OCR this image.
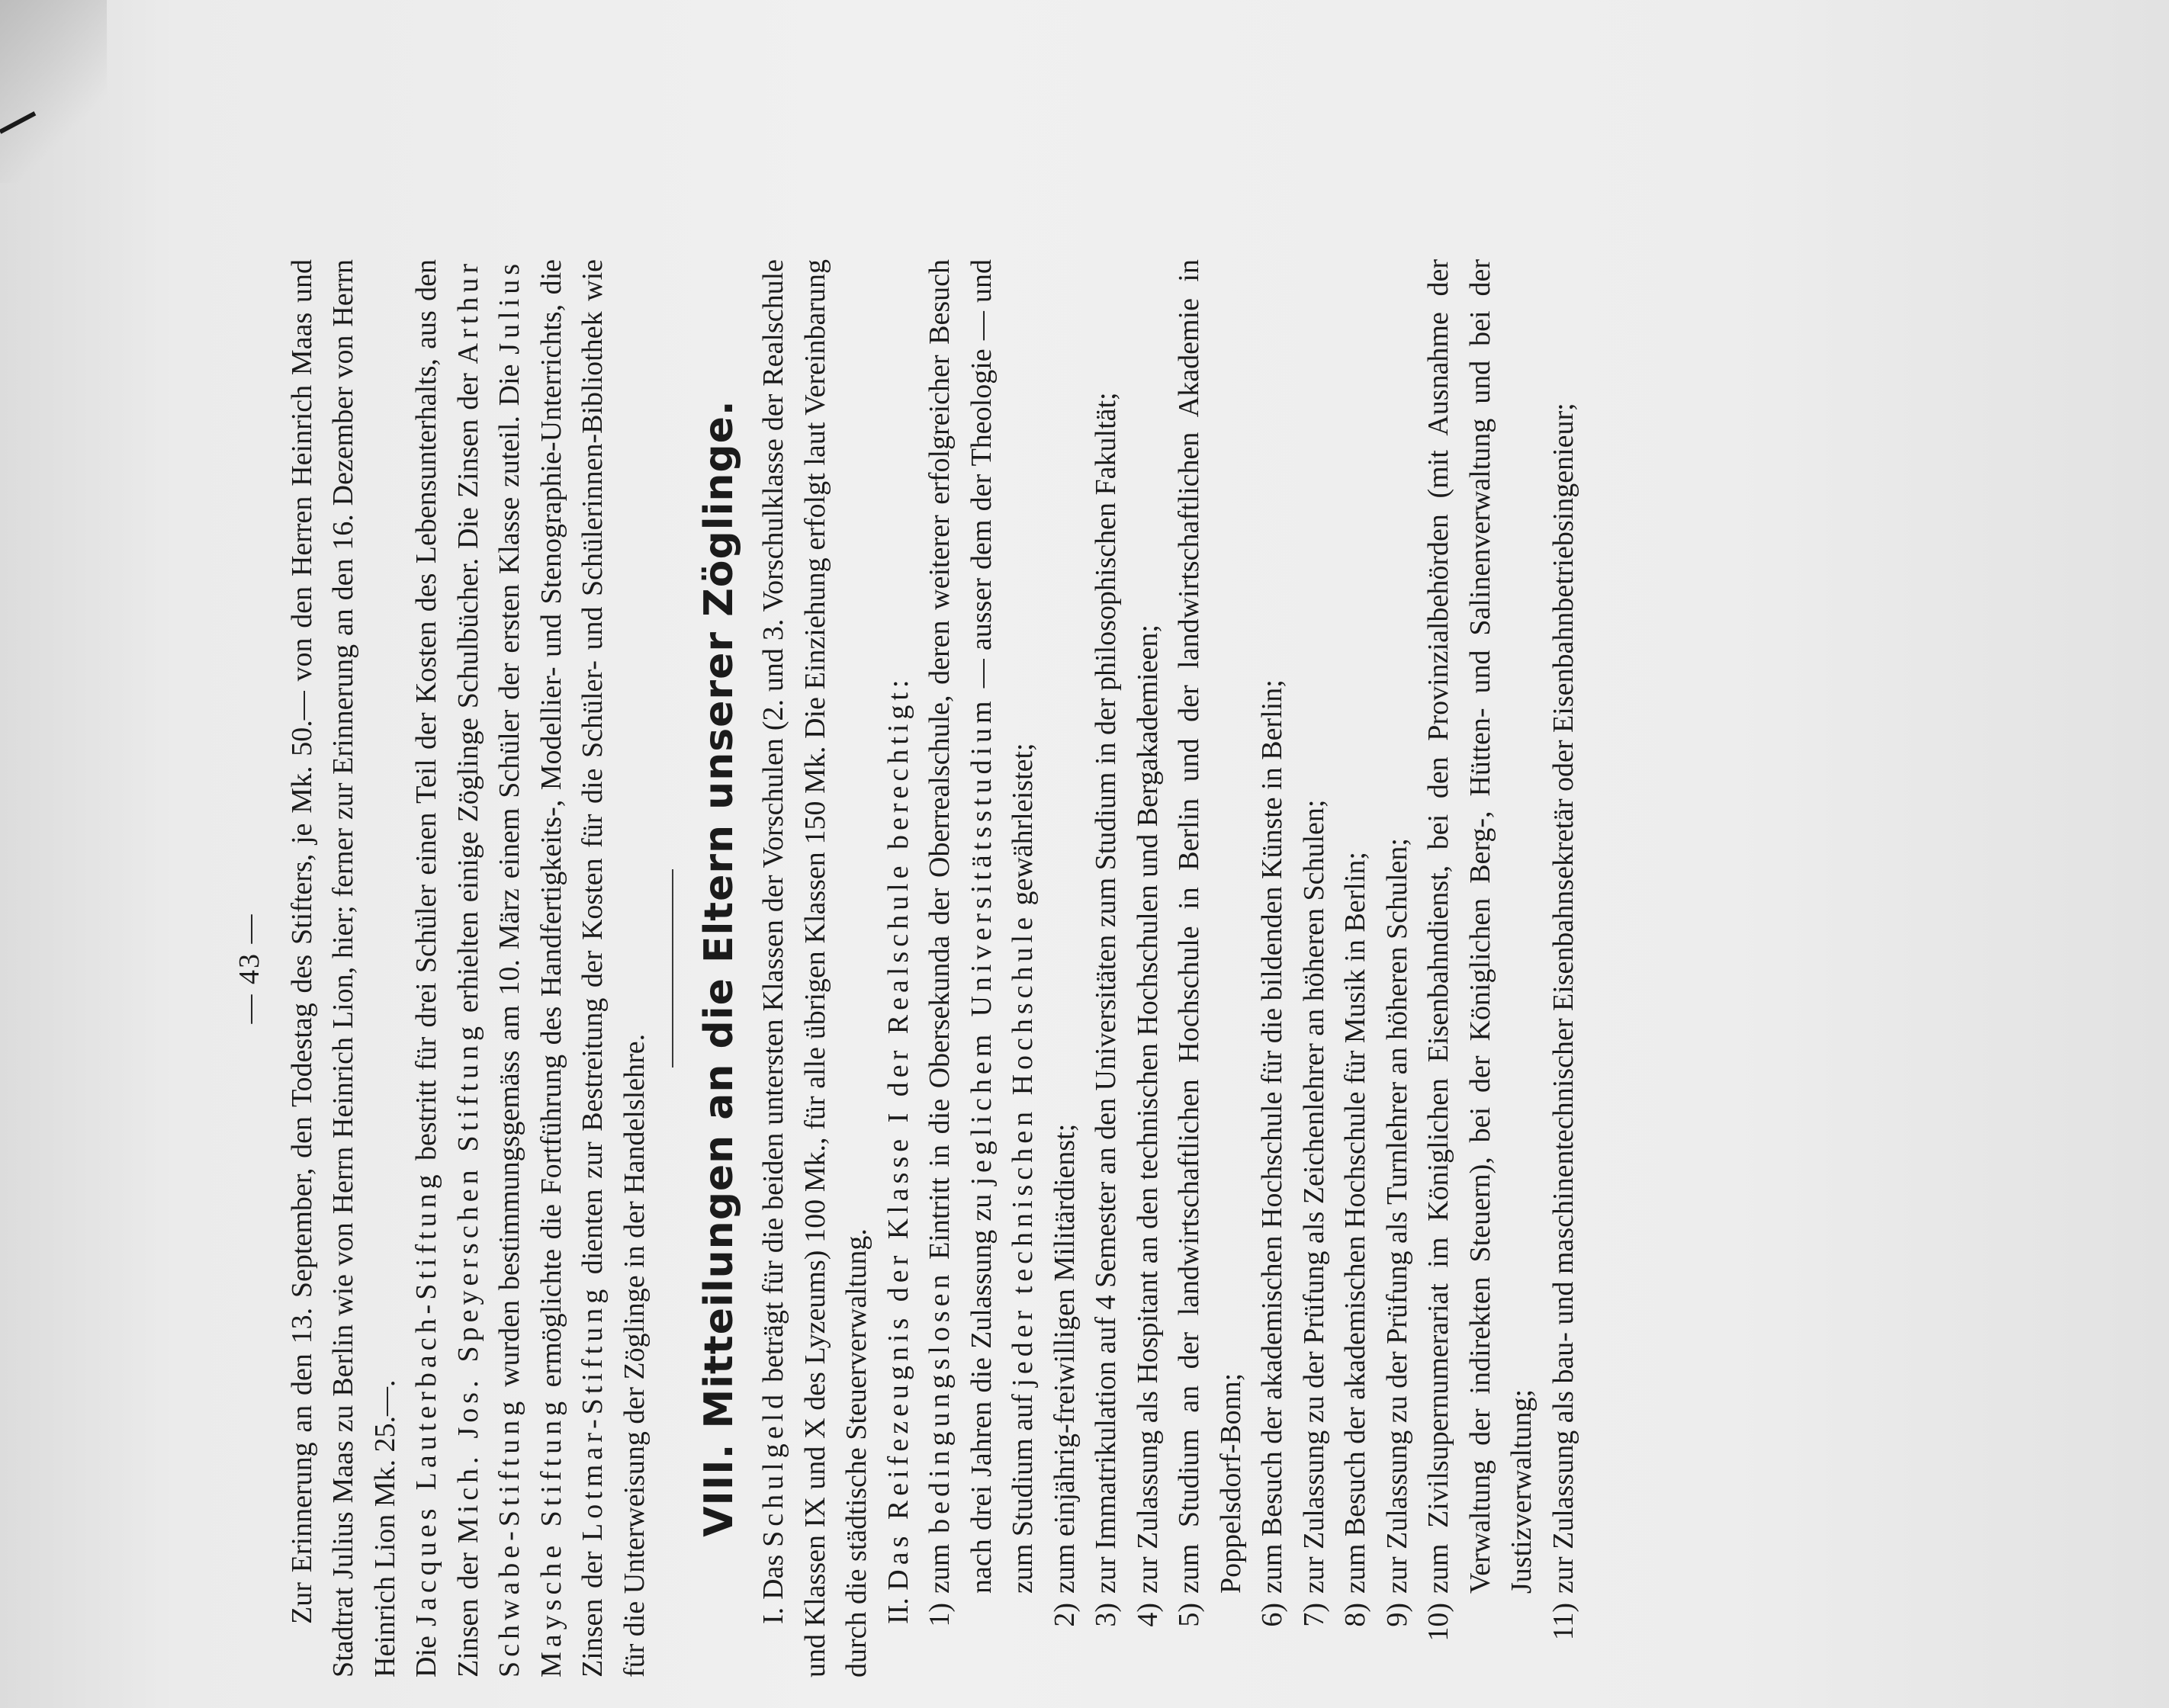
— 43 — Zur Erinnerung an den 13. September, den Todestag des Stifters, je Mk. 50.— von den Herren Heinrich Maas und Stadtrat Julius Maas zu Berlin wie von Herrn Heinrich Lion, hier; ferner zur Erinnerung an den 16. Dezember von Herrn Heinrich Lion Mk. 25.—. Die Jacques Lauterbach-Stiftung bestritt für drei Schüler einen Teil der Kosten des Lebensunterhalts, aus den Zinsen der Mich. Jos. Speyerschen Stiftung erhielten einige Zöglinge Schulbücher. Die Zinsen der Arthur Schwabe-Stiftung wurden bestimmungsgemäss am 10. März einem Schüler der ersten Klasse zuteil. Die Julius Maysche Stiftung ermöglichte die Fortführung des Handfertigkeits-, Modellier- und Stenographie-Unterrichts, die Zinsen der Lotmar-Stiftung dienten zur Bestreitung der Kosten für die Schüler- und Schülerinnen-Bibliothek wie für die Unterweisung der Zöglinge in der Handelslehre. VIII. Mitteilungen an die Eltern unserer Zöglinge.

I. Das Schulgeld beträgt für die beiden untersten Klassen der Vorschulen (2. und 3. Vorschulklasse der Realschule und Klassen IX und X des Lyzeums) 100 Mk., für alle übrigen Klassen 150 Mk. Die Einziehung erfolgt laut Vereinbarung durch die städtische Steuerverwaltung. II. Das Reifezeugnis der Klasse I der Realschule berechtigt:

1)
zum bedingungslosen Eintritt in die Obersekunda der Oberrealschule, deren weiterer erfolgreicher Besuch nach drei Jahren die Zulassung zu jeglichem Universitätsstudium — ausser dem der Theologie — und zum Studium auf jeder technischen Hochschule gewährleistet;
2)
zum einjährig-freiwilligen Militärdienst;
3)
zur Immatrikulation auf 4 Semester an den Universitäten zum Studium in der philosophischen Fakultät;
4)
zur Zulassung als Hospitant an den technischen Hochschulen und Bergakademieen;
5)
zum Studium an der landwirtschaftlichen Hochschule in Berlin und der landwirtschaftlichen Akademie in Poppelsdorf-Bonn;
6)
zum Besuch der akademischen Hochschule für die bildenden Künste in Berlin;
7)
zur Zulassung zu der Prüfung als Zeichenlehrer an höheren Schulen;
8)
zum Besuch der akademischen Hochschule für Musik in Berlin;
9)
zur Zulassung zu der Prüfung als Turnlehrer an höheren Schulen;
10)
zum Zivilsupernumerariat im Königlichen Eisenbahndienst, bei den Provinzialbehörden (mit Ausnahme der Verwaltung der indirekten Steuern), bei der Königlichen Berg-, Hütten- und Salinenverwaltung und bei der Justizverwaltung;
11)
zur Zulassung als bau- und maschinentechnischer Eisenbahnsekretär oder Eisenbahnbetriebsingenieur;
